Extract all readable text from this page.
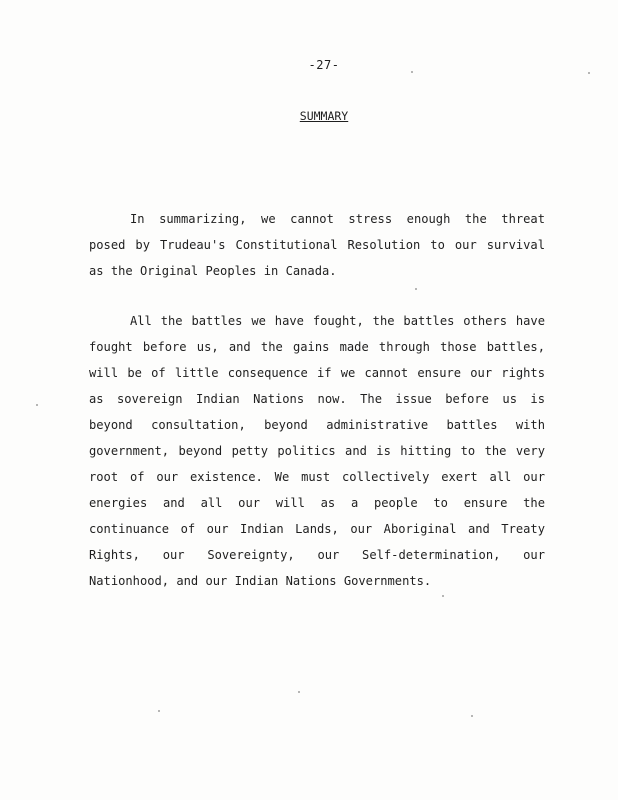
-27-
SUMMARY
In summarizing, we cannot stress enough the threat
posed by Trudeau's Constitutional Resolution to our survival
as the Original Peoples in Canada.
All the battles we have fought, the battles others have
fought before us, and the gains made through those battles,
will be of little consequence if we cannot ensure our rights
as sovereign Indian Nations now. The issue before us is
beyond consultation, beyond administrative battles with
government, beyond petty politics and is hitting to the very
root of our existence. We must collectively exert all our
energies and all our will as a people to ensure the
continuance of our Indian Lands, our Aboriginal and Treaty
Rights, our Sovereignty, our Self-determination, our
Nationhood, and our Indian Nations Governments.
